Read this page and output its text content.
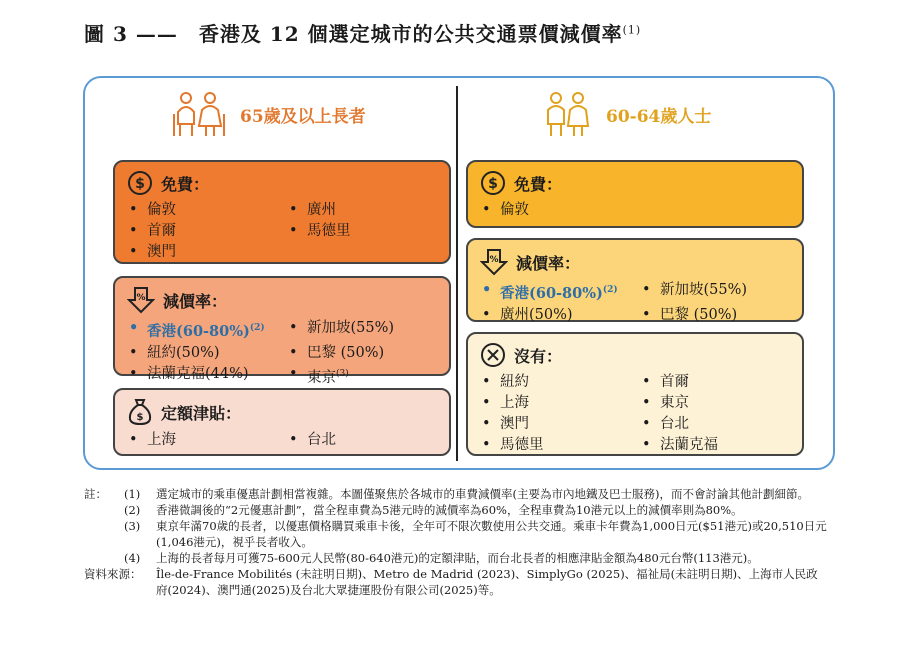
圖 3 ——　香港及 12 個選定城市的公共交通票價減價率$^{(1)}$
65歲及以上長者	60-64歲人士
$ 免費：
• 倫敦	• 廣州
• 首爾	• 馬德里
• 澳門
% 減價率：
• 香港$(60-80\%)^{(2)}$	• 新加坡(55%)
• 紐約(50%)	• 巴黎 (50%)
• 法蘭克福(44%)	• 東京$^{(3)}$
$ 定額津貼：
• 上海	• 台北
$ 免費：
• 倫敦
% 減價率：
• 香港$(60-80\%)^{(2)}$	• 新加坡(55%)
• 廣州(50%)	• 巴黎 (50%)
沒有：
• 紐約	• 首爾
• 上海	• 東京
• 澳門	• 台北
• 馬德里	• 法蘭克福
註：	(1)	選定城市的乘車優惠計劃相當複雜。本圖僅聚焦於各城市的車費減價率(主要為市內地鐵及巴士服務)，而不會討論其他計劃細節。
(2)	香港微調後的“2元優惠計劃”，當全程車費為5港元時的減價率為60%，全程車費為10港元以上的減價率則為80%。
(3)	東京年滿70歲的長者，以優惠價格購買乘車卡後，全年可不限次數使用公共交通。乘車卡年費為1,000日元($51港元)或20,510日元(1,046港元)，視乎長者收入。
(4)	上海的長者每月可獲75-600元人民幣(80-640港元)的定額津貼，而台北長者的相應津貼金額為480元台幣(113港元)。
資料來源：	Île-de-France Mobilités (未註明日期)、Metro de Madrid (2023)、SimplyGo (2025)、福祉局(未註明日期)、上海市人民政府(2024)、澳門通(2025)及台北大眾捷運股份有限公司(2025)等。
